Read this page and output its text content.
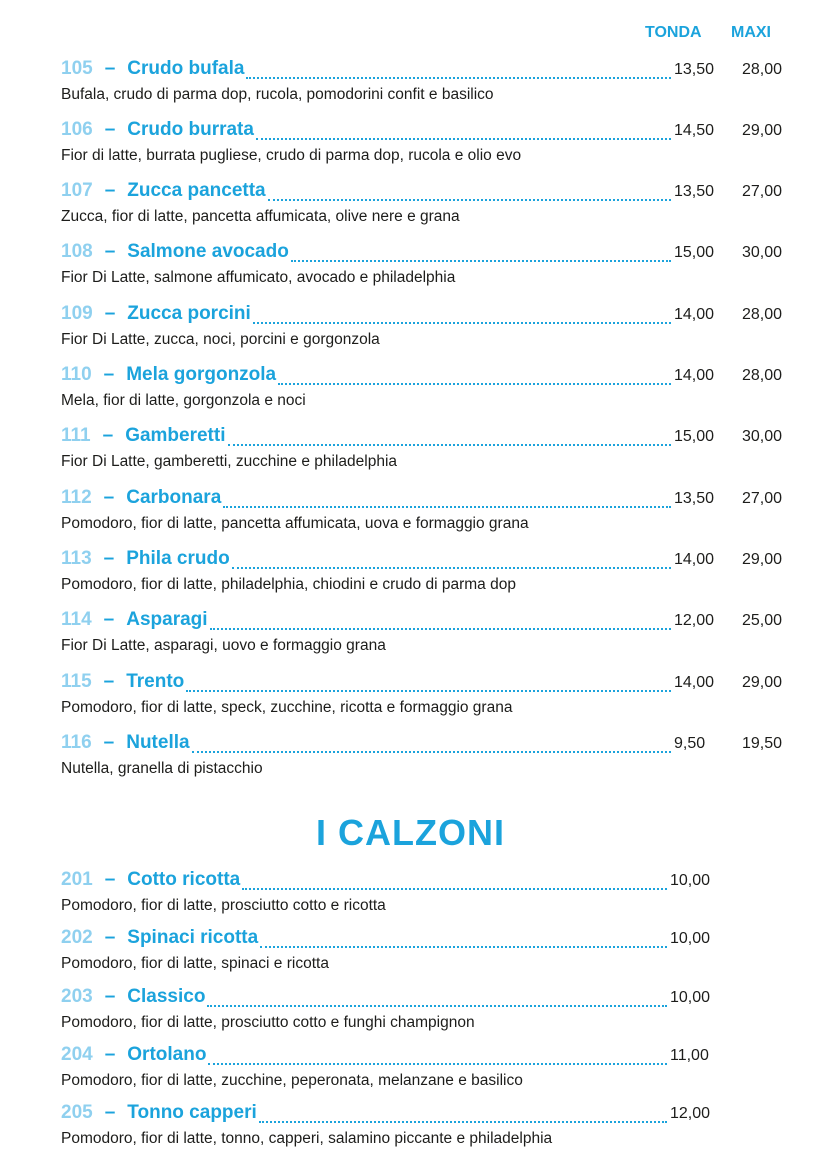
TONDA MAXI
105 – Crudo bufala	13,50	28,00
Bufala, crudo di parma dop, rucola, pomodorini confit e basilico
106 – Crudo burrata	14,50	29,00
Fior di latte, burrata pugliese, crudo di parma dop, rucola e olio evo
107 – Zucca pancetta	13,50	27,00
Zucca, fior di latte, pancetta affumicata, olive nere e grana
108 – Salmone avocado	15,00	30,00
Fior Di Latte, salmone affumicato, avocado e philadelphia
109 – Zucca porcini	14,00	28,00
Fior Di Latte, zucca, noci, porcini e gorgonzola
110 – Mela gorgonzola	14,00	28,00
Mela, fior di latte, gorgonzola e noci
111 – Gamberetti	15,00	30,00
Fior Di Latte, gamberetti, zucchine e philadelphia
112 – Carbonara	13,50	27,00
Pomodoro, fior di latte, pancetta affumicata, uova e formaggio grana
113 – Phila crudo	14,00	29,00
Pomodoro, fior di latte, philadelphia, chiodini e crudo di parma dop
114 – Asparagi	12,00	25,00
Fior Di Latte, asparagi, uovo e formaggio grana
115 – Trento	14,00	29,00
Pomodoro, fior di latte, speck, zucchine, ricotta e formaggio grana
116 – Nutella	9,50	19,50
Nutella, granella di pistacchio
I CALZONI
201 – Cotto ricotta	10,00
Pomodoro, fior di latte, prosciutto cotto e ricotta
202 – Spinaci ricotta	10,00
Pomodoro, fior di latte, spinaci e ricotta
203 – Classico	10,00
Pomodoro, fior di latte, prosciutto cotto e funghi champignon
204 – Ortolano	11,00
Pomodoro, fior di latte, zucchine, peperonata, melanzane e basilico
205 – Tonno capperi	12,00
Pomodoro, fior di latte, tonno, capperi, salamino piccante e philadelphia
